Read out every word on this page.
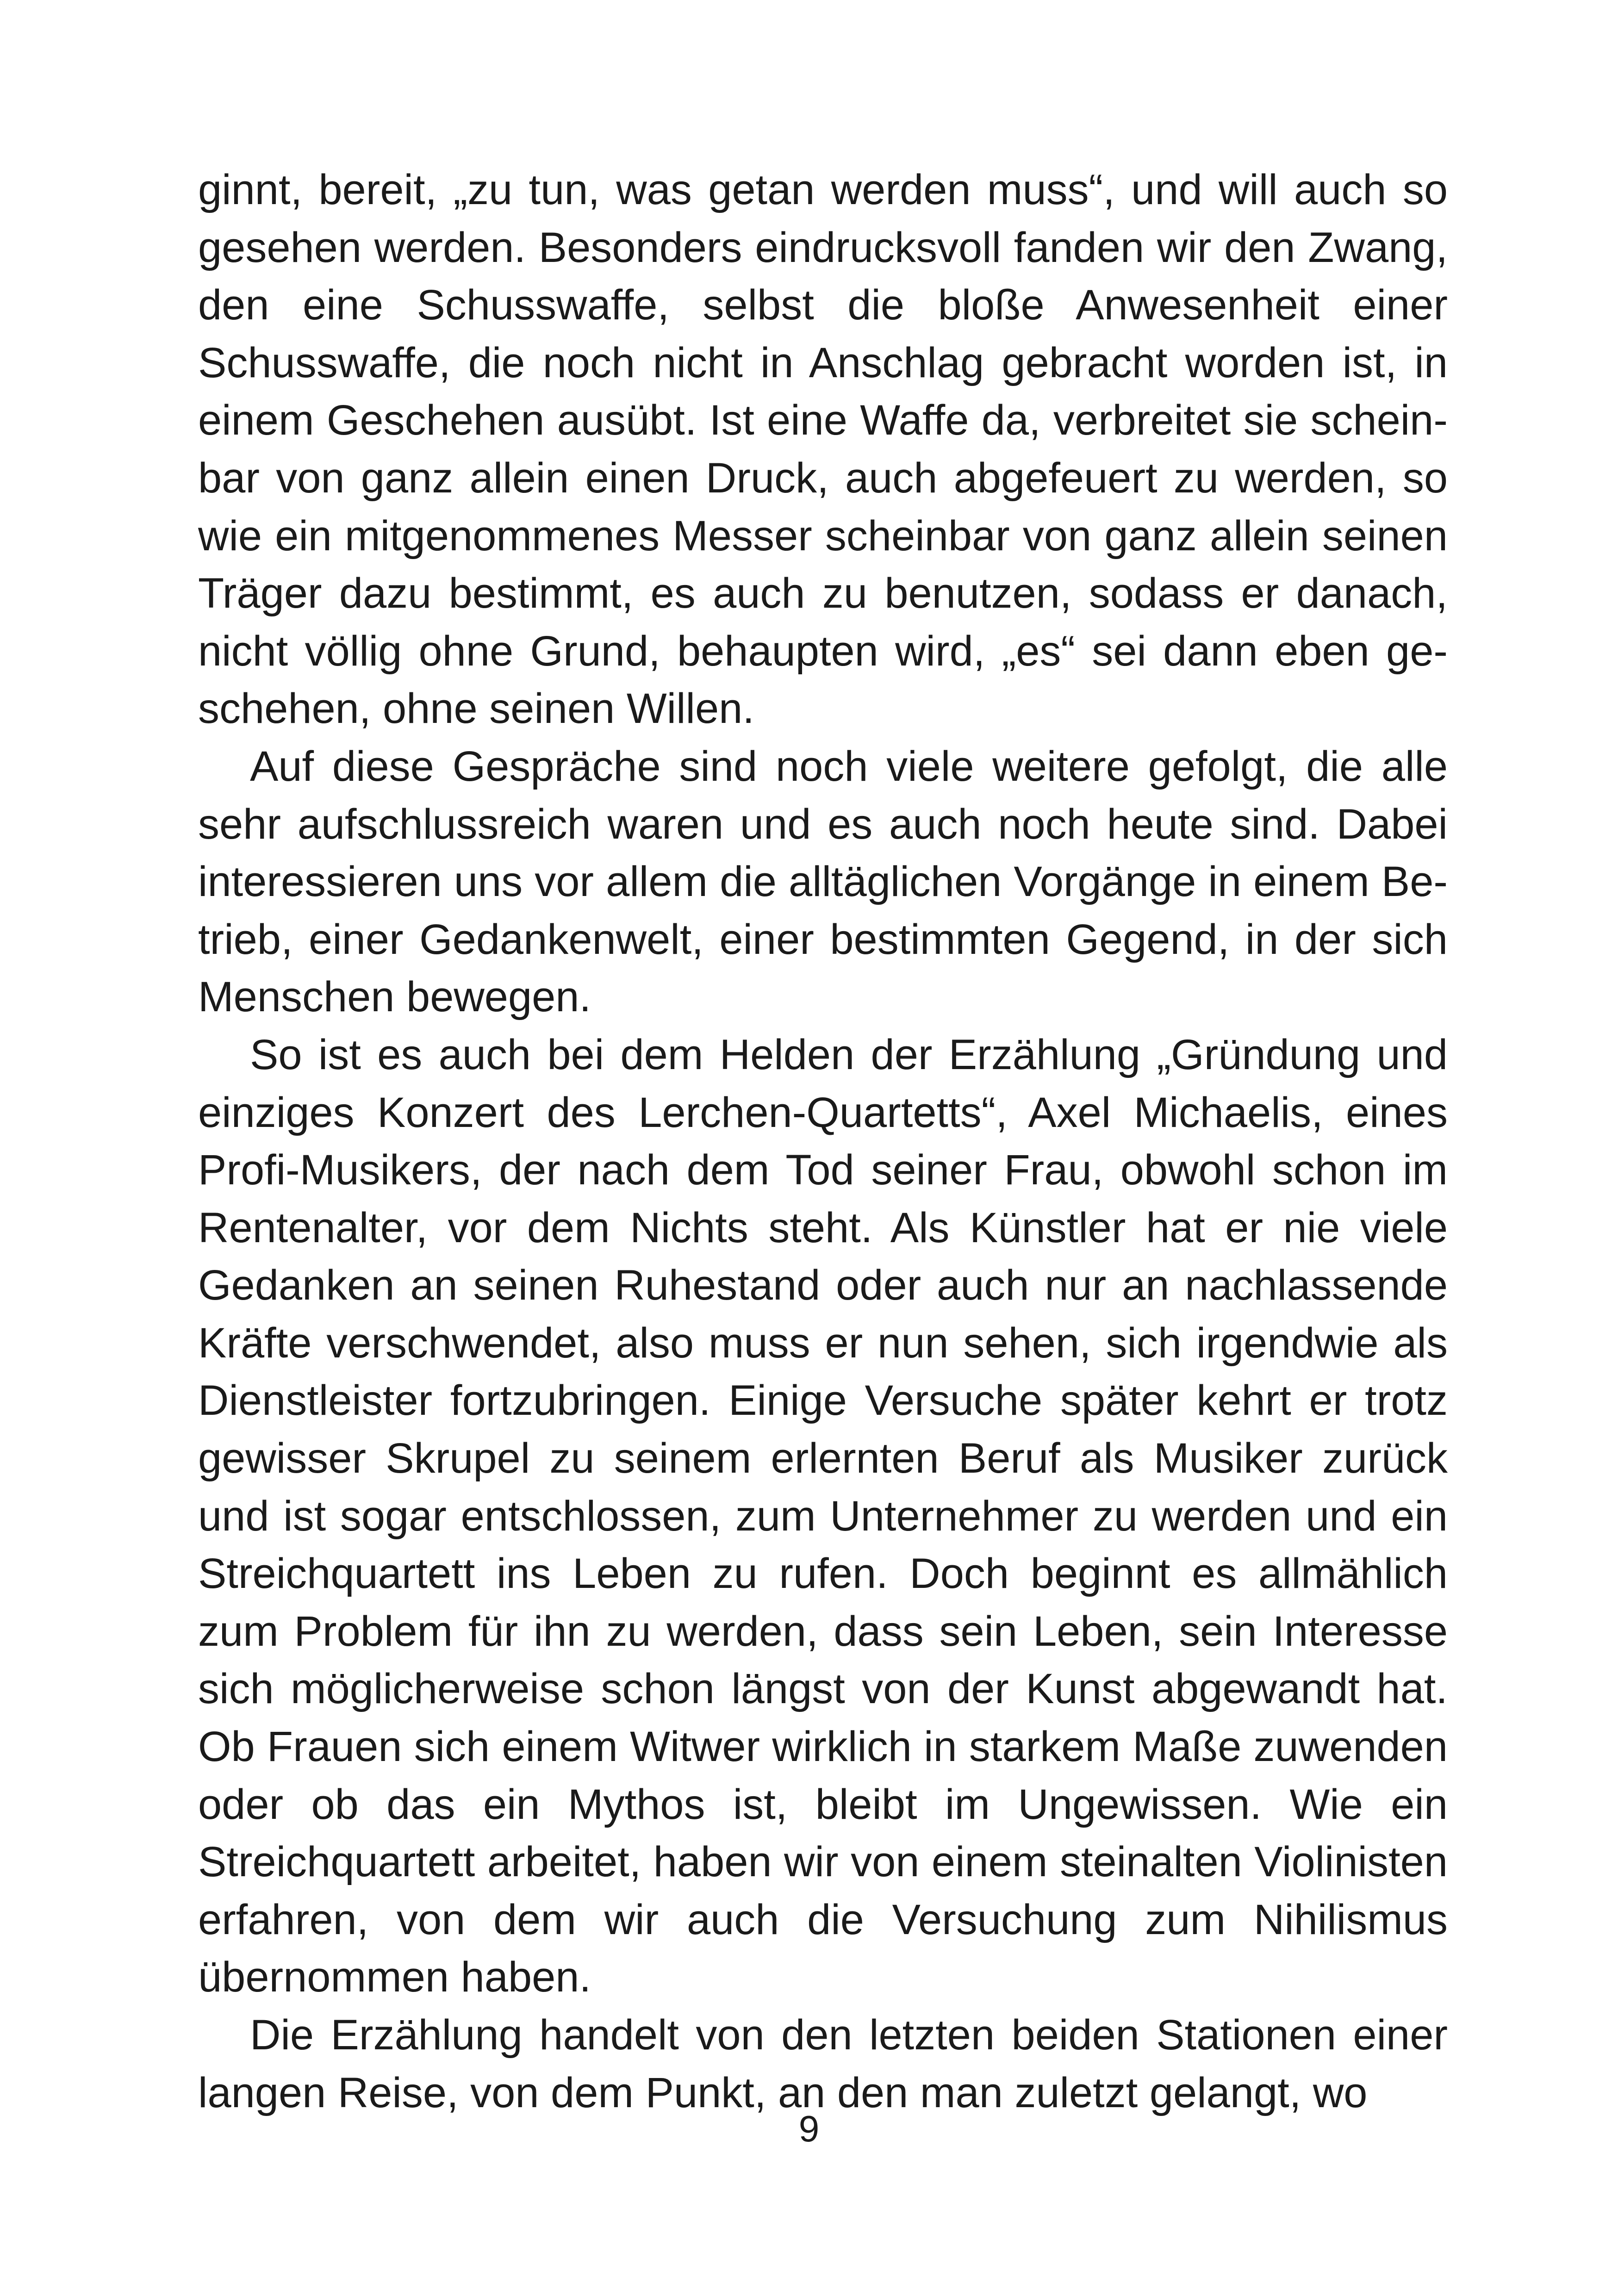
ginnt, bereit, „zu tun, was getan werden muss“, und will auch so gesehen werden. Besonders eindrucksvoll fanden wir den Zwang, den eine Schusswaffe, selbst die bloße Anwesenheit einer Schusswaffe, die noch nicht in Anschlag gebracht worden ist, in einem Geschehen ausübt. Ist eine Waffe da, verbreitet sie scheinbar von ganz allein einen Druck, auch abgefeuert zu werden, so wie ein mitgenommenes Messer scheinbar von ganz allein seinen Träger dazu bestimmt, es auch zu benutzen, sodass er danach, nicht völlig ohne Grund, behaupten wird, „es“ sei dann eben geschehen, ohne seinen Willen.

Auf diese Gespräche sind noch viele weitere gefolgt, die alle sehr aufschlussreich waren und es auch noch heute sind. Dabei interessieren uns vor allem die alltäglichen Vorgänge in einem Betrieb, einer Gedankenwelt, einer bestimmten Gegend, in der sich Menschen bewegen.

So ist es auch bei dem Helden der Erzählung „Gründung und einziges Konzert des Lerchen-Quartetts“, Axel Michaelis, eines Profi-Musikers, der nach dem Tod seiner Frau, obwohl schon im Rentenalter, vor dem Nichts steht. Als Künstler hat er nie viele Gedanken an seinen Ruhestand oder auch nur an nachlassende Kräfte verschwendet, also muss er nun sehen, sich irgendwie als Dienstleister fortzubringen. Einige Versuche später kehrt er trotz gewisser Skrupel zu seinem erlernten Beruf als Musiker zurück und ist sogar entschlossen, zum Unternehmer zu werden und ein Streichquartett ins Leben zu rufen. Doch beginnt es allmählich zum Problem für ihn zu werden, dass sein Leben, sein Interesse sich möglicherweise schon längst von der Kunst abgewandt hat. Ob Frauen sich einem Witwer wirklich in starkem Maße zuwenden oder ob das ein Mythos ist, bleibt im Ungewissen. Wie ein Streichquartett arbeitet, haben wir von einem steinalten Violinisten erfahren, von dem wir auch die Versuchung zum Nihilismus übernommen haben.

Die Erzählung handelt von den letzten beiden Stationen einer langen Reise, von dem Punkt, an den man zuletzt gelangt, wo

9
